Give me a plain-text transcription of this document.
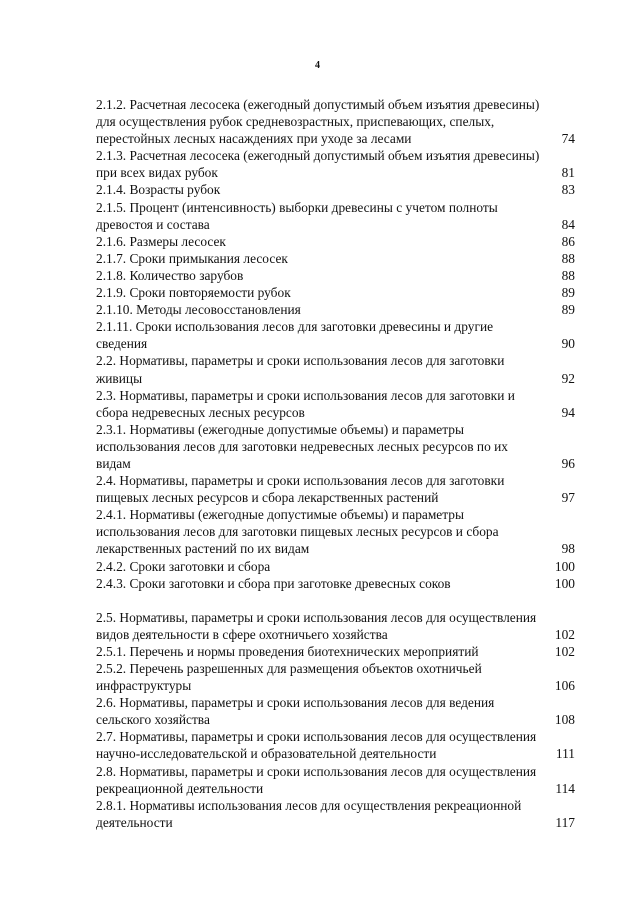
4
2.1.2. Расчетная лесосека (ежегодный допустимый объем изъятия древесины)
для осуществления рубок средневозрастных, приспевающих, спелых,
перестойных лесных насаждениях при уходе за лесами	74
2.1.3. Расчетная лесосека (ежегодный допустимый объем изъятия древесины)
при всех видах рубок	81
2.1.4. Возрасты рубок	83
2.1.5. Процент (интенсивность) выборки древесины с учетом полноты
древостоя и состава	84
2.1.6. Размеры лесосек	86
2.1.7. Сроки примыкания лесосек	88
2.1.8. Количество зарубов	88
2.1.9. Сроки повторяемости рубок	89
2.1.10. Методы лесовосстановления	89
2.1.11. Сроки использования лесов для заготовки древесины и другие
сведения	90
2.2. Нормативы, параметры и сроки использования лесов для заготовки
живицы	92
2.3. Нормативы, параметры и сроки использования лесов для заготовки и
сбора недревесных лесных ресурсов	94
2.3.1. Нормативы (ежегодные допустимые объемы) и параметры
использования лесов для заготовки недревесных лесных ресурсов по их
видам	96
2.4. Нормативы, параметры и сроки использования лесов для заготовки
пищевых лесных ресурсов и сбора лекарственных растений	97
2.4.1. Нормативы (ежегодные допустимые объемы) и параметры
использования лесов для заготовки пищевых лесных ресурсов и сбора
лекарственных растений по их видам	98
2.4.2. Сроки заготовки и сбора	100
2.4.3. Сроки заготовки и сбора при заготовке древесных соков	100
2.5. Нормативы, параметры и сроки использования лесов для осуществления
видов деятельности в сфере охотничьего хозяйства	102
2.5.1. Перечень и нормы проведения биотехнических мероприятий	102
2.5.2. Перечень разрешенных для размещения объектов охотничьей
инфраструктуры	106
2.6. Нормативы, параметры и сроки использования лесов для ведения
сельского хозяйства	108
2.7. Нормативы, параметры и сроки использования лесов для осуществления
научно-исследовательской и образовательной деятельности	111
2.8. Нормативы, параметры и сроки использования лесов для осуществления
рекреационной деятельности	114
2.8.1. Нормативы использования лесов для осуществления рекреационной
деятельности	117
